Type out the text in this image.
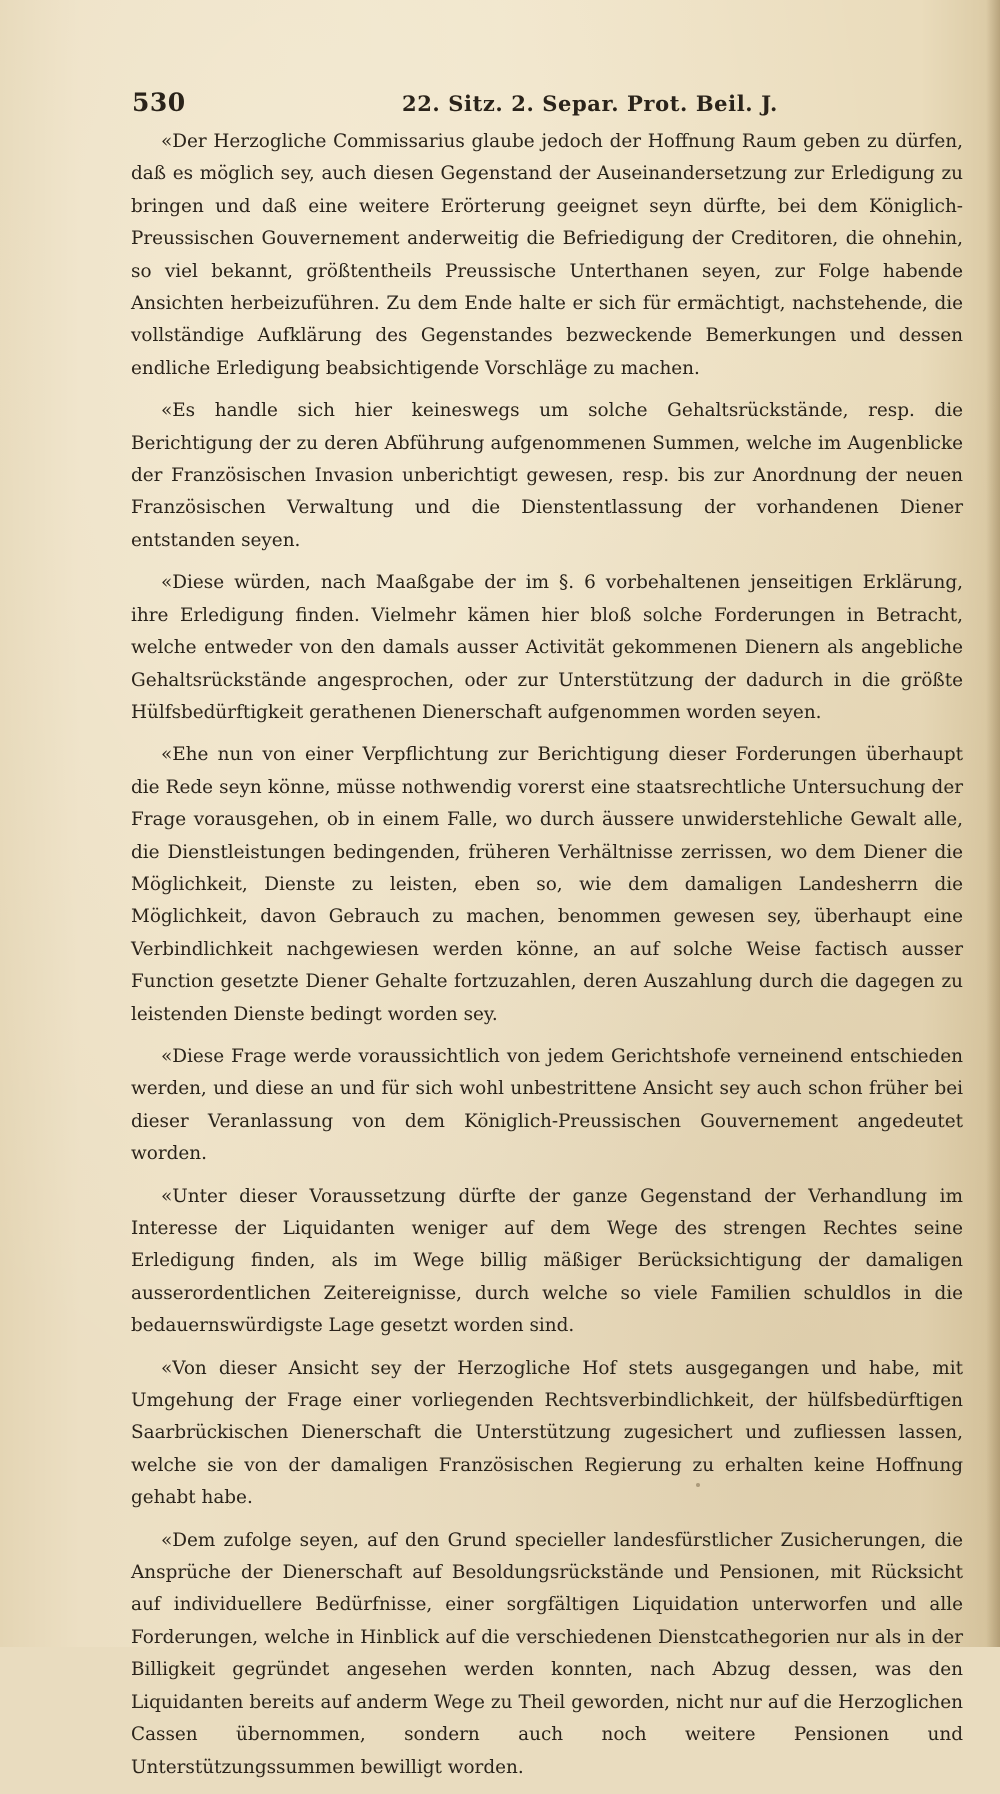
530	22. Sitz. 2. Separ. Prot. Beil. J.

«Der Herzogliche Commissarius glaube jedoch der Hoffnung Raum geben zu dürfen, daß es möglich sey, auch diesen Gegenstand der Auseinandersetzung zur Erledigung zu bringen und daß eine weitere Erörterung geeignet seyn dürfte, bei dem Königlich-Preussischen Gouvernement anderweitig die Befriedigung der Creditoren, die ohnehin, so viel bekannt, größtentheils Preussische Unterthanen seyen, zur Folge habende Ansichten herbeizuführen. Zu dem Ende halte er sich für ermächtigt, nachstehende, die vollständige Aufklärung des Gegenstandes bezweckende Bemerkungen und dessen endliche Erledigung beabsichtigende Vorschläge zu machen.

«Es handle sich hier keineswegs um solche Gehaltsrückstände, resp. die Berichtigung der zu deren Abführung aufgenommenen Summen, welche im Augenblicke der Französischen Invasion unberichtigt gewesen, resp. bis zur Anordnung der neuen Französischen Verwaltung und die Dienstentlassung der vorhandenen Diener entstanden seyen.

«Diese würden, nach Maaßgabe der im §. 6 vorbehaltenen jenseitigen Erklärung, ihre Erledigung finden. Vielmehr kämen hier bloß solche Forderungen in Betracht, welche entweder von den damals ausser Activität gekommenen Dienern als angebliche Gehaltsrückstände angesprochen, oder zur Unterstützung der dadurch in die größte Hülfsbedürftigkeit gerathenen Dienerschaft aufgenommen worden seyen.

«Ehe nun von einer Verpflichtung zur Berichtigung dieser Forderungen überhaupt die Rede seyn könne, müsse nothwendig vorerst eine staatsrechtliche Untersuchung der Frage vorausgehen, ob in einem Falle, wo durch äussere unwiderstehliche Gewalt alle, die Dienstleistungen bedingenden, früheren Verhältnisse zerrissen, wo dem Diener die Möglichkeit, Dienste zu leisten, eben so, wie dem damaligen Landesherrn die Möglichkeit, davon Gebrauch zu machen, benommen gewesen sey, überhaupt eine Verbindlichkeit nachgewiesen werden könne, an auf solche Weise factisch ausser Function gesetzte Diener Gehalte fortzuzahlen, deren Auszahlung durch die dagegen zu leistenden Dienste bedingt worden sey.

«Diese Frage werde voraussichtlich von jedem Gerichtshofe verneinend entschieden werden, und diese an und für sich wohl unbestrittene Ansicht sey auch schon früher bei dieser Veranlassung von dem Königlich-Preussischen Gouvernement angedeutet worden.

«Unter dieser Voraussetzung dürfte der ganze Gegenstand der Verhandlung im Interesse der Liquidanten weniger auf dem Wege des strengen Rechtes seine Erledigung finden, als im Wege billig mäßiger Berücksichtigung der damaligen ausserordentlichen Zeitereignisse, durch welche so viele Familien schuldlos in die bedauernswürdigste Lage gesetzt worden sind.

«Von dieser Ansicht sey der Herzogliche Hof stets ausgegangen und habe, mit Umgehung der Frage einer vorliegenden Rechtsverbindlichkeit, der hülfsbedürftigen Saarbrückischen Dienerschaft die Unterstützung zugesichert und zufliessen lassen, welche sie von der damaligen Französischen Regierung zu erhalten keine Hoffnung gehabt habe.

«Dem zufolge seyen, auf den Grund specieller landesfürstlicher Zusicherungen, die Ansprüche der Dienerschaft auf Besoldungsrückstände und Pensionen, mit Rücksicht auf individuellere Bedürfnisse, einer sorgfältigen Liquidation unterworfen und alle Forderungen, welche in Hinblick auf die verschiedenen Dienstcathegorien nur als in der Billigkeit gegründet angesehen werden konnten, nach Abzug dessen, was den Liquidanten bereits auf anderm Wege zu Theil geworden, nicht nur auf die Herzoglichen Cassen übernommen, sondern auch noch weitere Pensionen und Unterstützungssummen bewilligt worden.
